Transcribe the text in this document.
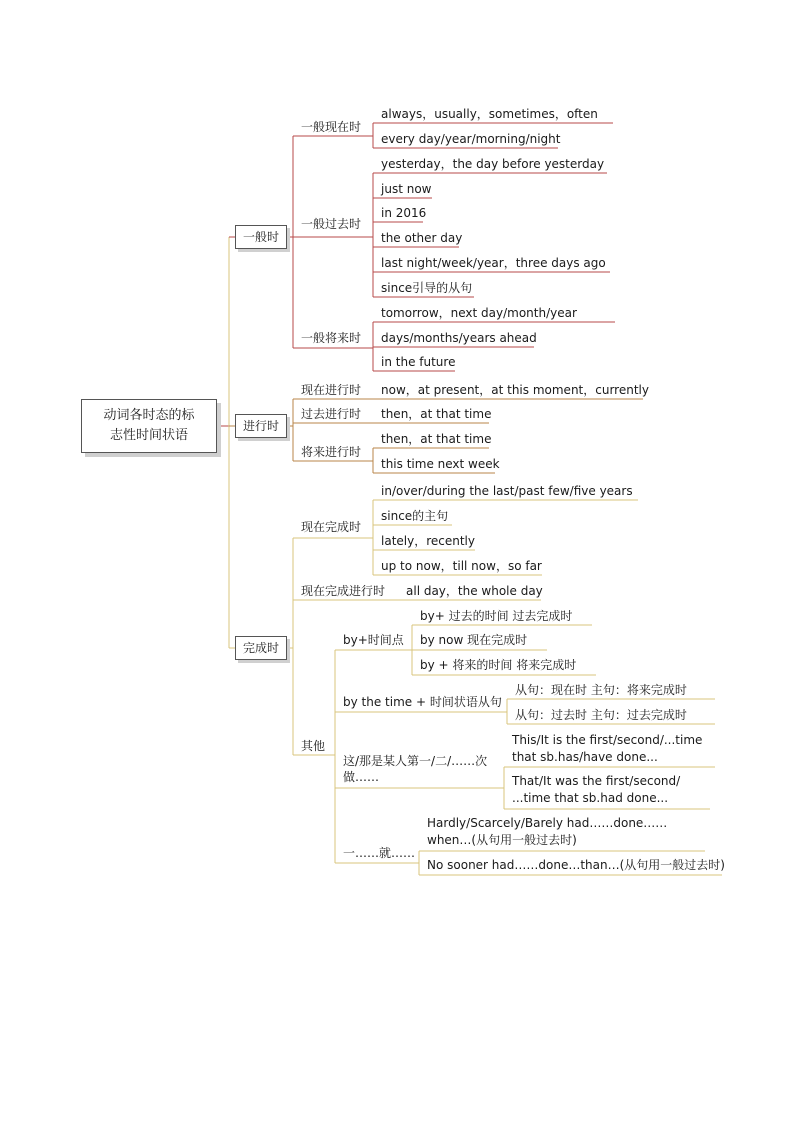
动词各时态的标
志性时间状语
一般时
进行时
完成时
一般现在时
always，usually，sometimes，often
every day/year/morning/night
一般过去时
yesterday，the day before yesterday
just now
in 2016
the other day
last night/week/year，three days ago
since引导的从句
一般将来时
tomorrow，next day/month/year
days/months/years ahead
in the future
现在进行时 now，at present，at this moment，currently
过去进行时 then，at that time
将来进行时
then，at that time
this time next week
现在完成时
in/over/during the last/past few/five years
since的主句
lately，recently
up to now，till now，so far
现在完成进行时 all day，the whole day
其他
by+时间点
by+ 过去的时间 过去完成时
by now 现在完成时
by + 将来的时间 将来完成时
by the time + 时间状语从句
从句：现在时 主句：将来完成时
从句：过去时 主句：过去完成时
这/那是某人第一/二/……次做……
This/It is the first/second/...time that sb.has/have done...
That/It was the first/second/ ...time that sb.had done...
一……就……
Hardly/Scarcely/Barely had……done……when…(从句用一般过去时)
No sooner had……done…than…(从句用一般过去时)
